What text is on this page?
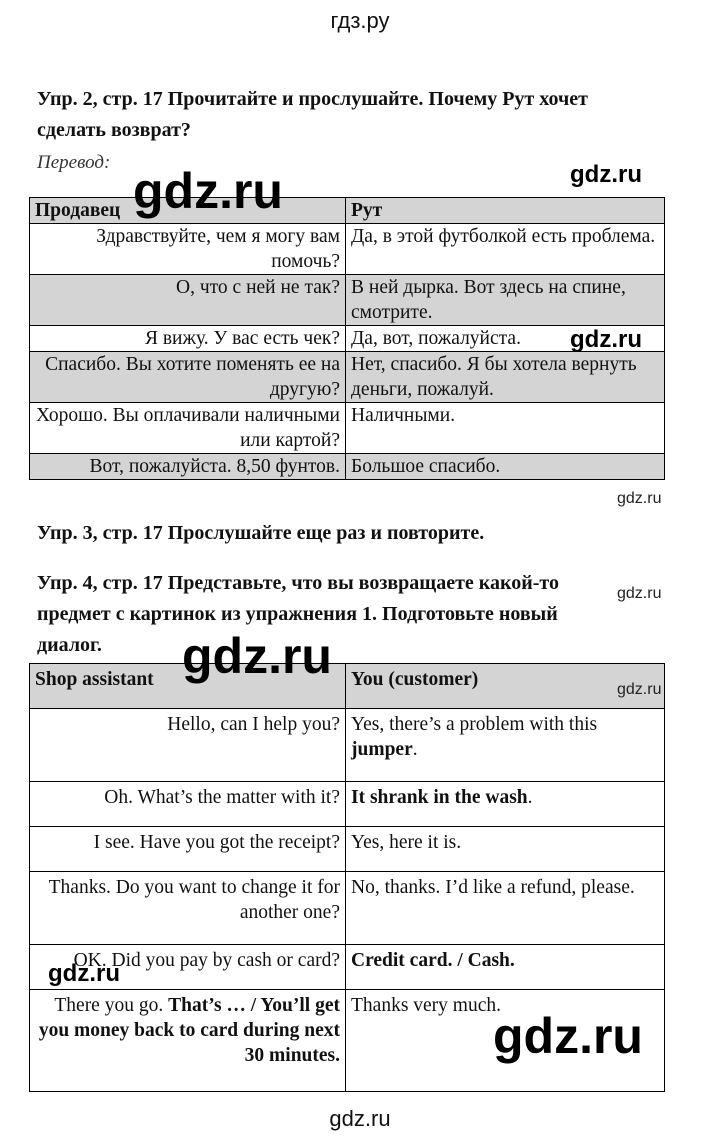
гдз.ру
Упр. 2, стр. 17 Прочитайте и прослушайте. Почему Рут хочет
сделать возврат?
Перевод:
Продавец	Рут
Здравствуйте, чем я могу вам помочь?	Да, в этой футболкой есть проблема.
О, что с ней не так?	В ней дырка. Вот здесь на спине, смотрите.
Я вижу. У вас есть чек?	Да, вот, пожалуйста.
Спасибо. Вы хотите поменять ее на другую?	Нет, спасибо. Я бы хотела вернуть деньги, пожалуй.
Хорошо. Вы оплачивали наличными или картой?	Наличными.
Вот, пожалуйста. 8,50 фунтов.	Большое спасибо.
Упр. 3, стр. 17 Прослушайте еще раз и повторите.
Упр. 4, стр. 17 Представьте, что вы возвращаете какой-то
предмет с картинок из упражнения 1. Подготовьте новый
диалог.
Shop assistant	You (customer)
Hello, can I help you?	Yes, there’s a problem with this jumper.
Oh. What’s the matter with it?	It shrank in the wash.
I see. Have you got the receipt?	Yes, here it is.
Thanks. Do you want to change it for another one?	No, thanks. I’d like a refund, please.
OK. Did you pay by cash or card?	Credit card. / Cash.
There you go. That’s … / You’ll get you money back to card during next 30 minutes.	Thanks very much.
gdz.ru	gdz.ru
gdz.ru
gdz.ru
gdz.ru
gdz.ru
gdz.ru
gdz.ru
gdz.ru
gdz.ru
